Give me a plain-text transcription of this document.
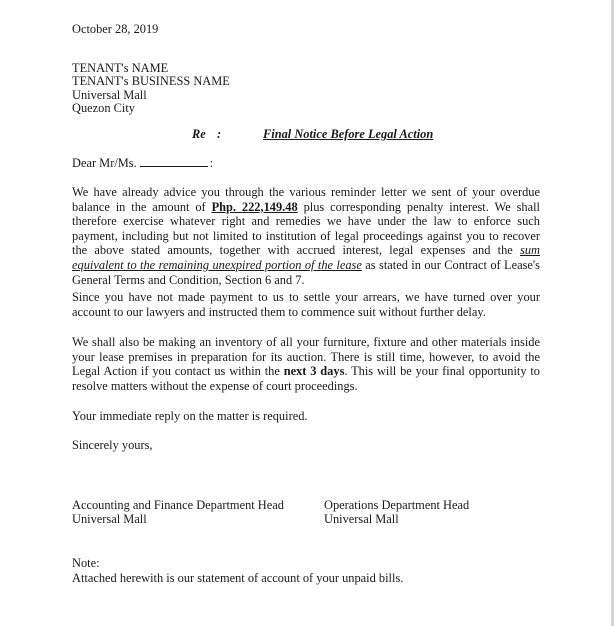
October 28, 2019
TENANT's NAME
TENANT's BUSINESS NAME
Universal Mall
Quezon City
Re :	Final Notice Before Legal Action
Dear Mr/Ms.	:
We have already advice you through the various reminder letter we sent of your overdue balance in the amount of Php. 222,149.48 plus corresponding penalty interest. We shall therefore exercise whatever right and remedies we have under the law to enforce such payment, including but not limited to institution of legal proceedings against you to recover the above stated amounts, together with accrued interest, legal expenses and the sum equivalent to the remaining unexpired portion of the lease as stated in our Contract of Lease's General Terms and Condition, Section 6 and 7.
Since you have not made payment to us to settle your arrears, we have turned over your account to our lawyers and instructed them to commence suit without further delay.
We shall also be making an inventory of all your furniture, fixture and other materials inside your lease premises in preparation for its auction. There is still time, however, to avoid the Legal Action if you contact us within the next 3 days. This will be your final opportunity to resolve matters without the expense of court proceedings.
Your immediate reply on the matter is required.
Sincerely yours,
Accounting and Finance Department Head
Universal Mall
Operations Department Head
Universal Mall
Note:
Attached herewith is our statement of account of your unpaid bills.
